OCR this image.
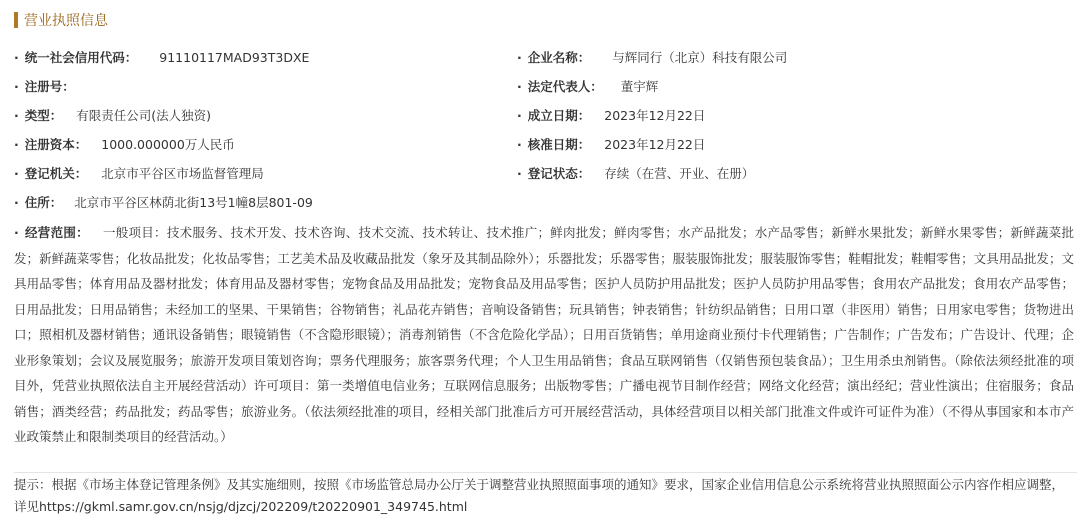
营业执照信息
· 统一社会信用代码： 91110117MAD93T3DXE
· 注册号：
· 类型： 有限责任公司(法人独资)
· 注册资本： 1000.000000万人民币
· 登记机关： 北京市平谷区市场监督管理局
· 住所： 北京市平谷区林荫北街13号1幢8层801-09
· 企业名称： 与辉同行（北京）科技有限公司
· 法定代表人： 董宇辉
· 成立日期： 2023年12月22日
· 核准日期： 2023年12月22日
· 登记状态： 存续（在营、开业、在册）
· 经营范围： 一般项目：技术服务、技术开发、技术咨询、技术交流、技术转让、技术推广；鲜肉批发；鲜肉零售；水产品批发；水产品零售；新鲜水果批发；新鲜水果零售；新鲜蔬菜批发；新鲜蔬菜零售；化妆品批发；化妆品零售；工艺美术品及收藏品批发（象牙及其制品除外）；乐器批发；乐器零售；服装服饰批发；服装服饰零售；鞋帽批发；鞋帽零售；文具用品批发；文具用品零售；体育用品及器材批发；体育用品及器材零售；宠物食品及用品批发；宠物食品及用品零售；医护人员防护用品批发；医护人员防护用品零售；食用农产品批发；食用农产品零售；日用品批发；日用品销售；未经加工的坚果、干果销售；谷物销售；礼品花卉销售；音响设备销售；玩具销售；钟表销售；针纺织品销售；日用口罩（非医用）销售；日用家电零售；货物进出口；照相机及器材销售；通讯设备销售；眼镜销售（不含隐形眼镜）；消毒剂销售（不含危险化学品）；日用百货销售；单用途商业预付卡代理销售；广告制作；广告发布；广告设计、代理；企业形象策划；会议及展览服务；旅游开发项目策划咨询；票务代理服务；旅客票务代理；个人卫生用品销售；食品互联网销售（仅销售预包装食品）；卫生用杀虫剂销售。（除依法须经批准的项目外，凭营业执照依法自主开展经营活动）许可项目：第一类增值电信业务；互联网信息服务；出版物零售；广播电视节目制作经营；网络文化经营；演出经纪；营业性演出；住宿服务；食品销售；酒类经营；药品批发；药品零售；旅游业务。（依法须经批准的项目，经相关部门批准后方可开展经营活动，具体经营项目以相关部门批准文件或许可证件为准）（不得从事国家和本市产业政策禁止和限制类项目的经营活动。）
提示：根据《市场主体登记管理条例》及其实施细则，按照《市场监管总局办公厅关于调整营业执照照面事项的通知》要求，国家企业信用信息公示系统将营业执照照面公示内容作相应调整，详见https://gkml.samr.gov.cn/nsjg/djzcj/202209/t20220901_349745.html
